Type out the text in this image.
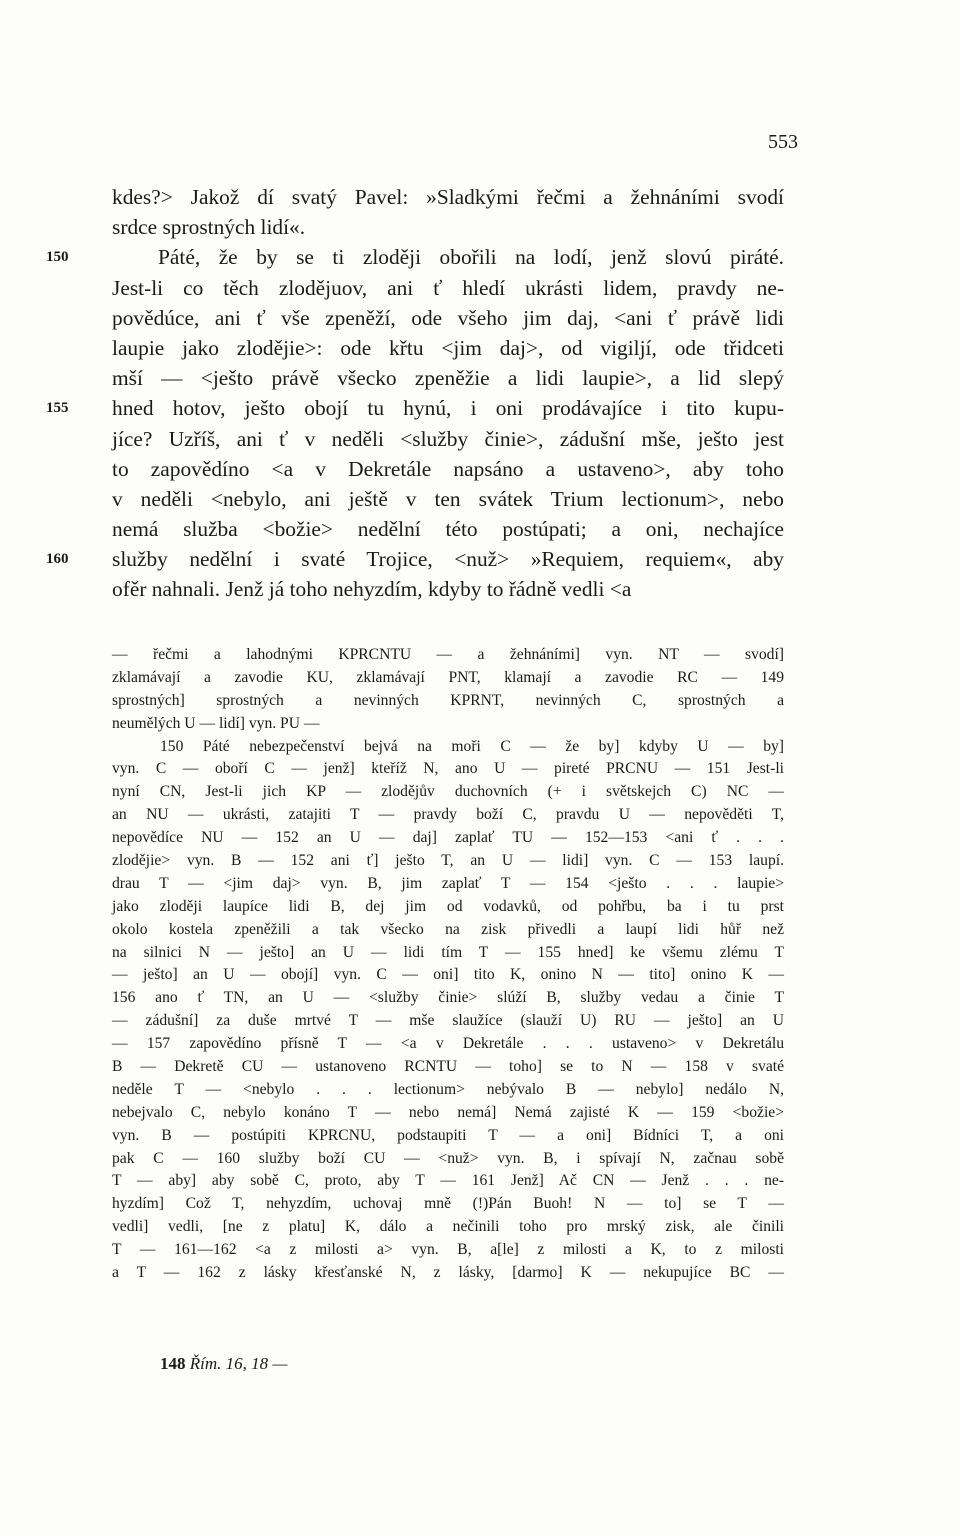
553
kdes?> Jakož dí svatý Pavel: »Sladkými řečmi a žehnáními svodí
srdce sprostných lidí«.
150	Páté, že by se ti zloději obořili na lodí, jenž slovú piráté.
Jest-li co těch zlodějuov, ani ť hledí ukrásti lidem, pravdy ne-
povědúce, ani ť vše zpeněží, ode všeho jim daj, <ani ť právě lidi
laupie jako zlodějie>: ode křtu <jim daj>, od vigiljí, ode třidceti
mší — <ješto právě všecko zpeněžie a lidi laupie>, a lid slepý
155	hned hotov, ješto obojí tu hynú, i oni prodávajíce i tito kupu-
jíce? Uzříš, ani ť v neděli <služby činie>, zádušní mše, ješto jest
to zapovědíno <a v Dekretále napsáno a ustaveno>, aby toho
v neděli <nebylo, ani ještě v ten svátek Trium lectionum>, nebo
nemá služba <božie> nedělní této postúpati; a oni, nechajíce
160	služby nedělní i svaté Trojice, <nuž> »Requiem, requiem«, aby
ofěr nahnali. Jenž já toho nehyzdím, kdyby to řádně vedli <a
— řečmi a lahodnými KPRCNTU — a žehnáními] vyn. NT — svodí]
zklamávají a zavodie KU, zklamávají PNT, klamají a zavodie RC — 149
sprostných] sprostných a nevinných KPRNT, nevinných C, sprostných a
neumělých U — lidí] vyn. PU —
150 Páté nebezpečenství bejvá na moři C — že by] kdyby U — by]
vyn. C — oboří C — jenž] kteříž N, ano U — pireté PRCNU — 151 Jest-li
nyní CN, Jest-li jich KP — zlodějův duchovních (+ i světskejch C) NC —
an NU — ukrásti, zatajiti T — pravdy boží C, pravdu U — nepověděti T,
nepovědíce NU — 152 an U — daj] zaplať TU — 152—153 <ani ť . . .
zlodějie> vyn. B — 152 ani ť] ješto T, an U — lidi] vyn. C — 153 laupí.
drau T — <jim daj> vyn. B, jim zaplať T — 154 <ješto . . . laupie>
jako zloději laupíce lidi B, dej jim od vodavků, od pohřbu, ba i tu prst
okolo kostela zpeněžili a tak všecko na zisk přivedli a laupí lidi hůř než
na silnici N — ješto] an U — lidi tím T — 155 hned] ke všemu zlému T
— ješto] an U — obojí] vyn. C — oni] tito K, onino N — tito] onino K —
156 ano ť TN, an U — <služby činie> slúží B, služby vedau a činie T
— zádušní] za duše mrtvé T — mše slaužíce (slauží U) RU — ješto] an U
— 157 zapovědíno přísně T — <a v Dekretále . . . ustaveno> v Dekretálu
B — Dekretě CU — ustanoveno RCNTU — toho] se to N — 158 v svaté
neděle T — <nebylo . . . lectionum> nebývalo B — nebylo] nedálo N,
nebejvalo C, nebylo konáno T — nebo nemá] Nemá zajisté K — 159 <božie>
vyn. B — postúpiti KPRCNU, podstaupiti T — a oni] Bídníci T, a oni
pak C — 160 služby boží CU — <nuž> vyn. B, i spívají N, začnau sobě
T — aby] aby sobě C, proto, aby T — 161 Jenž] Ač CN — Jenž . . . ne-
hyzdím] Což T, nehyzdím, uchovaj mně (!)Pán Buoh! N — to] se T —
vedli] vedli, [ne z platu] K, dálo a nečinili toho pro mrský zisk, ale činili
T — 161—162 <a z milosti a> vyn. B, a[le] z milosti a K, to z milosti
a T — 162 z lásky křesťanské N, z lásky, [darmo] K — nekupujíce BC —
148 Řím. 16, 18 —
